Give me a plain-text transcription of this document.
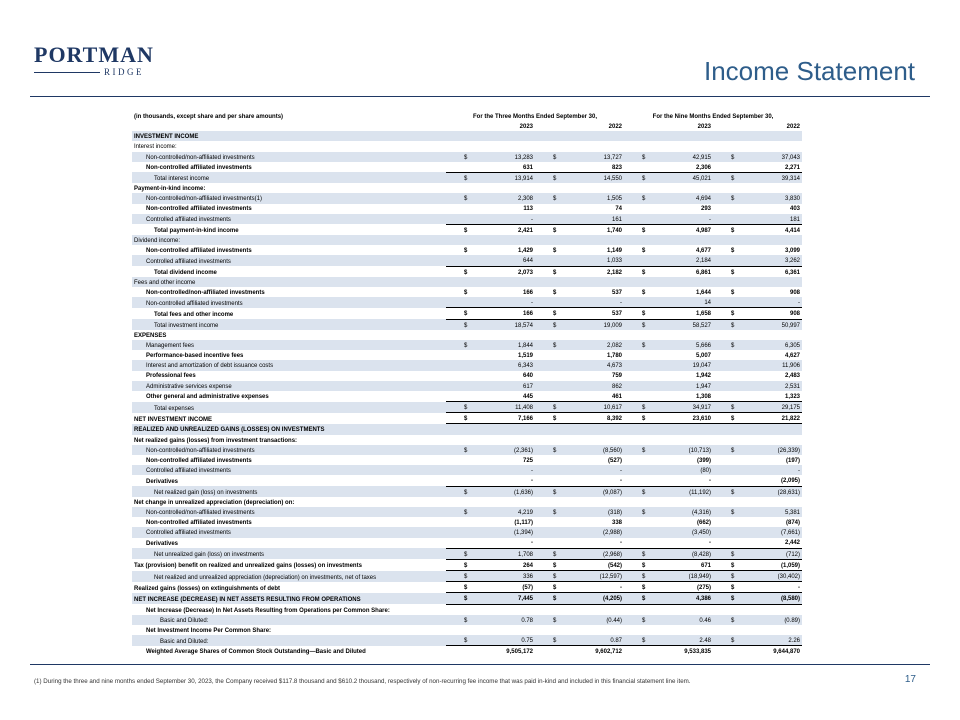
PORTMAN
RIDGE	Income Statement
(in thousands, except share and per share amounts)	For the Three Months Ended September 30,		For the Nine Months Ended September 30,	
	2023	2022	2023	2022
INVESTMENT INCOME				
Interest income:				
Non-controlled/non-affiliated investments	$ 13,283	$ 13,727	$ 42,915	$ 37,043
Non-controlled affiliated investments	631	823	2,306	2,271
Total interest income	$ 13,914	$ 14,550	$ 45,021	$ 39,314
Payment-in-kind income:				
Non-controlled/non-affiliated investments(1)	$ 2,308	$ 1,505	$ 4,694	$ 3,830
Non-controlled affiliated investments	113	74	293	403
Controlled affiliated investments	-	161	-	181
Total payment-in-kind income	$ 2,421	$ 1,740	$ 4,987	$ 4,414
Dividend income:				
Non-controlled affiliated investments	$ 1,429	$ 1,149	$ 4,677	$ 3,099
Controlled affiliated investments	644	1,033	2,184	3,262
Total dividend income	$ 2,073	$ 2,182	$ 6,861	$ 6,361
Fees and other income				
Non-controlled/non-affiliated investments	$ 166	$ 537	$ 1,644	$ 908
Non-controlled affiliated investments	-	-	14	-
Total fees and other income	$ 166	$ 537	$ 1,658	$ 908
Total investment income	$ 18,574	$ 19,009	$ 58,527	$ 50,997
EXPENSES				
Management fees	$ 1,844	$ 2,082	$ 5,666	$ 6,305
Performance-based incentive fees	1,519	1,780	5,007	4,627
Interest and amortization of debt issuance costs	6,343	4,673	19,047	11,906
Professional fees	640	759	1,942	2,483
Administrative services expense	617	862	1,947	2,531
Other general and administrative expenses	445	461	1,308	1,323
Total expenses	$ 11,408	$ 10,617	$ 34,917	$ 29,175
NET INVESTMENT INCOME	$ 7,166	$ 8,392	$ 23,610	$ 21,822
REALIZED AND UNREALIZED GAINS (LOSSES) ON INVESTMENTS				
Net realized gains (losses) from investment transactions:				
Non-controlled/non-affiliated investments	$ (2,361)	$ (8,560)	$ (10,713)	$ (26,339)
Non-controlled affiliated investments	725	(527)	(399)	(197)
Controlled affiliated investments	-	-	(80)	-
Derivatives	-	-	-	(2,095)
Net realized gain (loss) on investments	$ (1,636)	$ (9,087)	$ (11,192)	$ (28,631)
Net change in unrealized appreciation (depreciation) on:				
Non-controlled/non-affiliated investments	$ 4,219	$ (318)	$ (4,316)	$ 5,381
Non-controlled affiliated investments	(1,117)	338	(662)	(874)
Controlled affiliated investments	(1,394)	(2,988)	(3,450)	(7,661)
Derivatives	-	-	-	2,442
Net unrealized gain (loss) on investments	$ 1,708	$ (2,968)	$ (8,428)	$ (712)
Tax (provision) benefit on realized and unrealized gains (losses) on investments	$ 264	$ (542)	$ 671	$ (1,059)
Net realized and unrealized appreciation (depreciation) on investments, net of taxes	$ 336	$ (12,597)	$ (18,949)	$ (30,402)
Realized gains (losses) on extinguishments of debt	$ (57)	$ -	$ (275)	$ -
NET INCREASE (DECREASE) IN NET ASSETS RESULTING FROM OPERATIONS	$ 7,445	$ (4,205)	$ 4,386	$ (8,580)
Net Increase (Decrease) In Net Assets Resulting from Operations per Common Share:				
Basic and Diluted:	$ 0.78	$ (0.44)	$ 0.46	$ (0.89)
Net Investment Income Per Common Share:				
Basic and Diluted:	$ 0.75	$ 0.87	$ 2.48	$ 2.26
Weighted Average Shares of Common Stock Outstanding—Basic and Diluted	9,505,172	9,602,712	9,533,835	9,644,870
(1) During the three and nine months ended September 30, 2023, the Company received $117.8 thousand and $610.2 thousand, respectively of non-recurring fee income that was paid in-kind and included in this financial statement line item.	17
